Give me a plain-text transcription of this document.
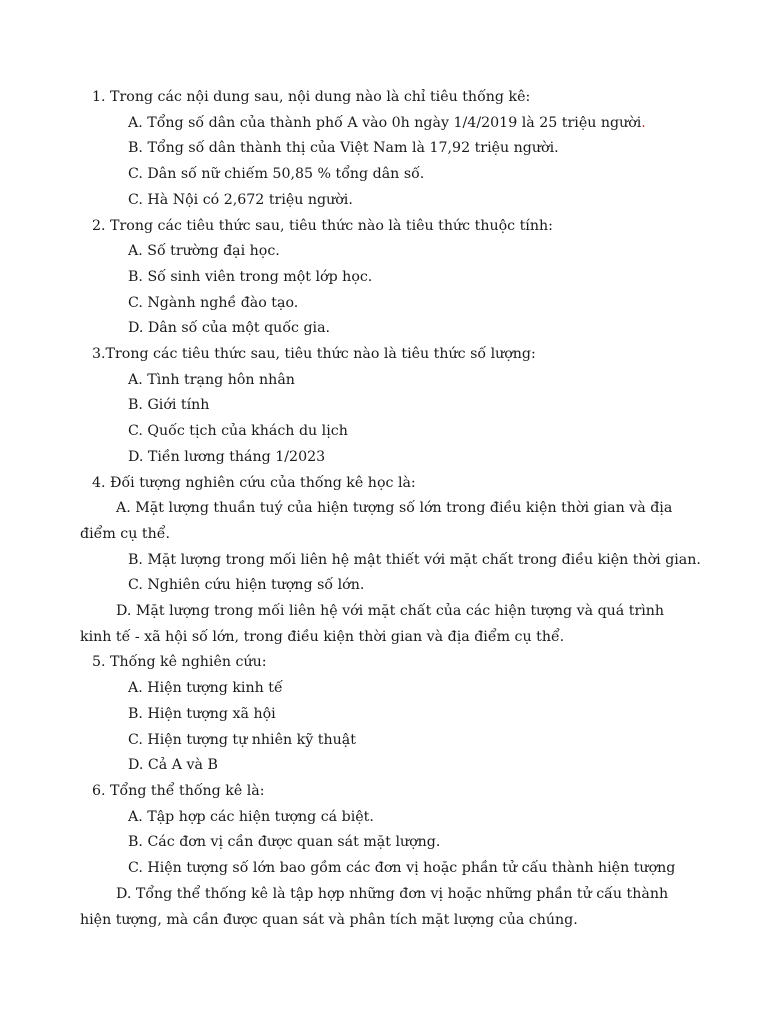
1. Trong các nội dung sau, nội dung nào là chỉ tiêu thống kê:

A. Tổng số dân của thành phố A vào 0h ngày 1/4/2019 là 25 triệu người.

B. Tổng số dân thành thị của Việt Nam là 17,92 triệu người.

C. Dân số nữ chiếm 50,85 % tổng dân số.

C. Hà Nội có 2,672 triệu người.

2. Trong các tiêu thức sau, tiêu thức nào là tiêu thức thuộc tính:

A. Số trường đại học.

B. Số sinh viên trong một lớp học.

C. Ngành nghề đào tạo.

D. Dân số của một quốc gia.

3.Trong các tiêu thức sau, tiêu thức nào là tiêu thức số lượng:

A. Tình trạng hôn nhân

B. Giới tính

C. Quốc tịch của khách du lịch

D. Tiền lương tháng 1/2023

4. Đối tượng nghiên cứu của thống kê học là:

A. Mặt lượng thuần tuý của hiện tượng số lớn trong điều kiện thời gian và địa điểm cụ thể.

B. Mặt lượng trong mối liên hệ mật thiết với mặt chất trong điều kiện thời gian.

C. Nghiên cứu hiện tượng số lớn.

D. Mặt lượng trong mối liên hệ với mặt chất của các hiện tượng và quá trình kinh tế - xã hội số lớn, trong điều kiện thời gian và địa điểm cụ thể.

5. Thống kê nghiên cứu:

A. Hiện tượng kinh tế

B. Hiện tượng xã hội

C. Hiện tượng tự nhiên kỹ thuật

D. Cả A và B

6. Tổng thể thống kê là:

A. Tập hợp các hiện tượng cá biệt.

B. Các đơn vị cần được quan sát mặt lượng.

C. Hiện tượng số lớn bao gồm các đơn vị hoặc phần tử cấu thành hiện tượng

D. Tổng thể thống kê là tập hợp những đơn vị hoặc những phần tử cấu thành hiện tượng, mà cần được quan sát và phân tích mặt lượng của chúng.
